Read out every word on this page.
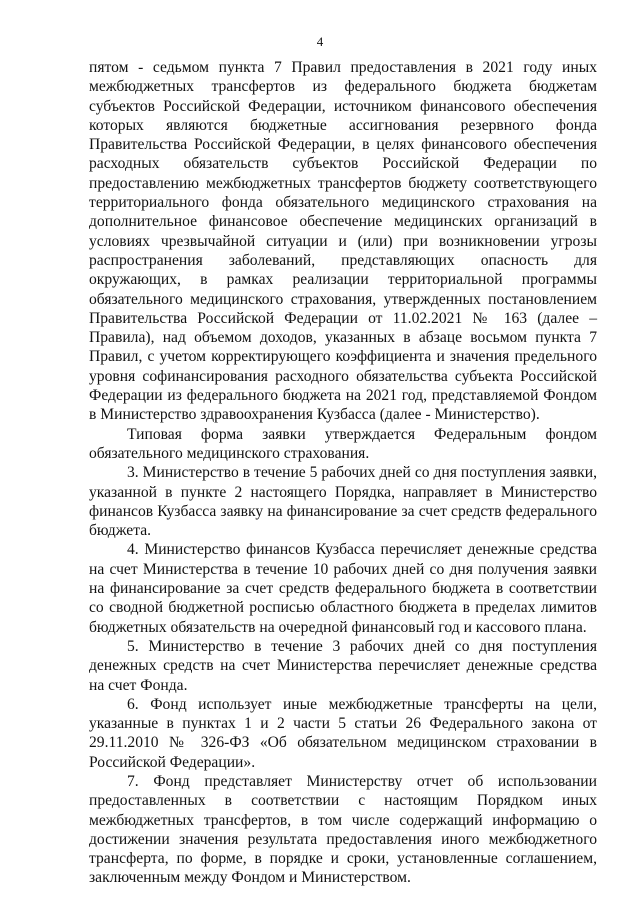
4

пятом - седьмом пункта 7 Правил предоставления в 2021 году иных межбюджетных трансфертов из федерального бюджета бюджетам субъектов Российской Федерации, источником финансового обеспечения которых являются бюджетные ассигнования резервного фонда Правительства Российской Федерации, в целях финансового обеспечения расходных обязательств субъектов Российской Федерации по предоставлению межбюджетных трансфертов бюджету соответствующего территориального фонда обязательного медицинского страхования на дополнительное финансовое обеспечение медицинских организаций в условиях чрезвычайной ситуации и (или) при возникновении угрозы распространения заболеваний, представляющих опасность для окружающих, в рамках реализации территориальной программы обязательного медицинского страхования, утвержденных постановлением Правительства Российской Федерации от 11.02.2021 № 163 (далее – Правила), над объемом доходов, указанных в абзаце восьмом пункта 7 Правил, с учетом корректирующего коэффициента и значения предельного уровня софинансирования расходного обязательства субъекта Российской Федерации из федерального бюджета на 2021 год, представляемой Фондом в Министерство здравоохранения Кузбасса (далее - Министерство).

Типовая форма заявки утверждается Федеральным фондом обязательного медицинского страхования.

3. Министерство в течение 5 рабочих дней со дня поступления заявки, указанной в пункте 2 настоящего Порядка, направляет в Министерство финансов Кузбасса заявку на финансирование за счет средств федерального бюджета.

4. Министерство финансов Кузбасса перечисляет денежные средства на счет Министерства в течение 10 рабочих дней со дня получения заявки на финансирование за счет средств федерального бюджета в соответствии со сводной бюджетной росписью областного бюджета в пределах лимитов бюджетных обязательств на очередной финансовый год и кассового плана.

5. Министерство в течение 3 рабочих дней со дня поступления денежных средств на счет Министерства перечисляет денежные средства на счет Фонда.

6. Фонд использует иные межбюджетные трансферты на цели, указанные в пунктах 1 и 2 части 5 статьи 26 Федерального закона от 29.11.2010 № 326-ФЗ «Об обязательном медицинском страховании в Российской Федерации».

7. Фонд представляет Министерству отчет об использовании предоставленных в соответствии с настоящим Порядком иных межбюджетных трансфертов, в том числе содержащий информацию о достижении значения результата предоставления иного межбюджетного трансферта, по форме, в порядке и сроки, установленные соглашением, заключенным между Фондом и Министерством.
